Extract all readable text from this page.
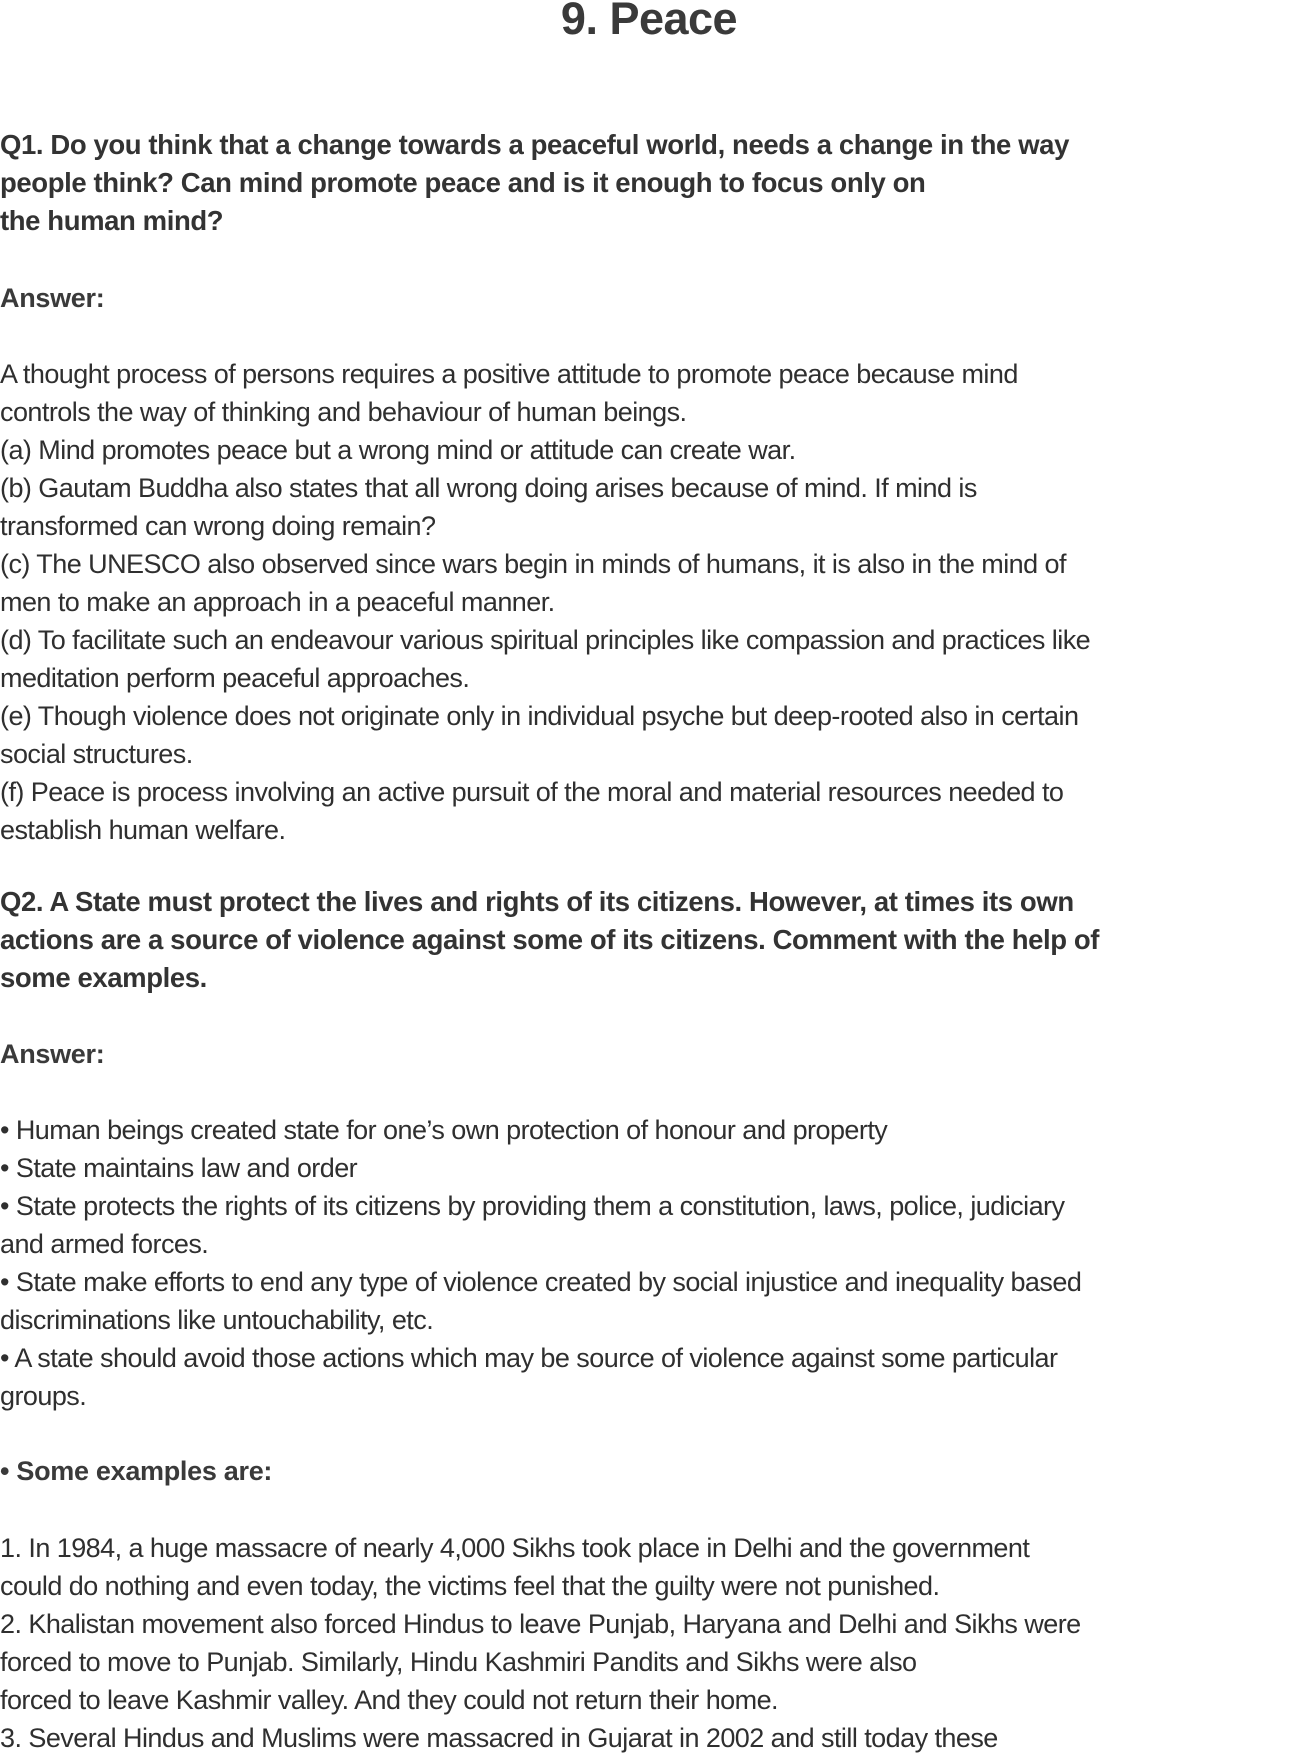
9. Peace
Q1. Do you think that a change towards a peaceful world, needs a change in the way
people think? Can mind promote peace and is it enough to focus only on
the human mind?
Answer:
A thought process of persons requires a positive attitude to promote peace because mind
controls the way of thinking and behaviour of human beings.
(a) Mind promotes peace but a wrong mind or attitude can create war.
(b) Gautam Buddha also states that all wrong doing arises because of mind. If mind is
transformed can wrong doing remain?
(c) The UNESCO also observed since wars begin in minds of humans, it is also in the mind of
men to make an approach in a peaceful manner.
(d) To facilitate such an endeavour various spiritual principles like compassion and practices like
meditation perform peaceful approaches.
(e) Though violence does not originate only in individual psyche but deep-rooted also in certain
social structures.
(f) Peace is process involving an active pursuit of the moral and material resources needed to
establish human welfare.
Q2. A State must protect the lives and rights of its citizens. However, at times its own
actions are a source of violence against some of its citizens. Comment with the help of
some examples.
Answer:
• Human beings created state for one’s own protection of honour and property
• State maintains law and order
• State protects the rights of its citizens by providing them a constitution, laws, police, judiciary
and armed forces.
• State make efforts to end any type of violence created by social injustice and inequality based
discriminations like untouchability, etc.
• A state should avoid those actions which may be source of violence against some particular
groups.
• Some examples are:
1. In 1984, a huge massacre of nearly 4,000 Sikhs took place in Delhi and the government
could do nothing and even today, the victims feel that the guilty were not punished.
2. Khalistan movement also forced Hindus to leave Punjab, Haryana and Delhi and Sikhs were
forced to move to Punjab. Similarly, Hindu Kashmiri Pandits and Sikhs were also
forced to leave Kashmir valley. And they could not return their home.
3. Several Hindus and Muslims were massacred in Gujarat in 2002 and still today these
